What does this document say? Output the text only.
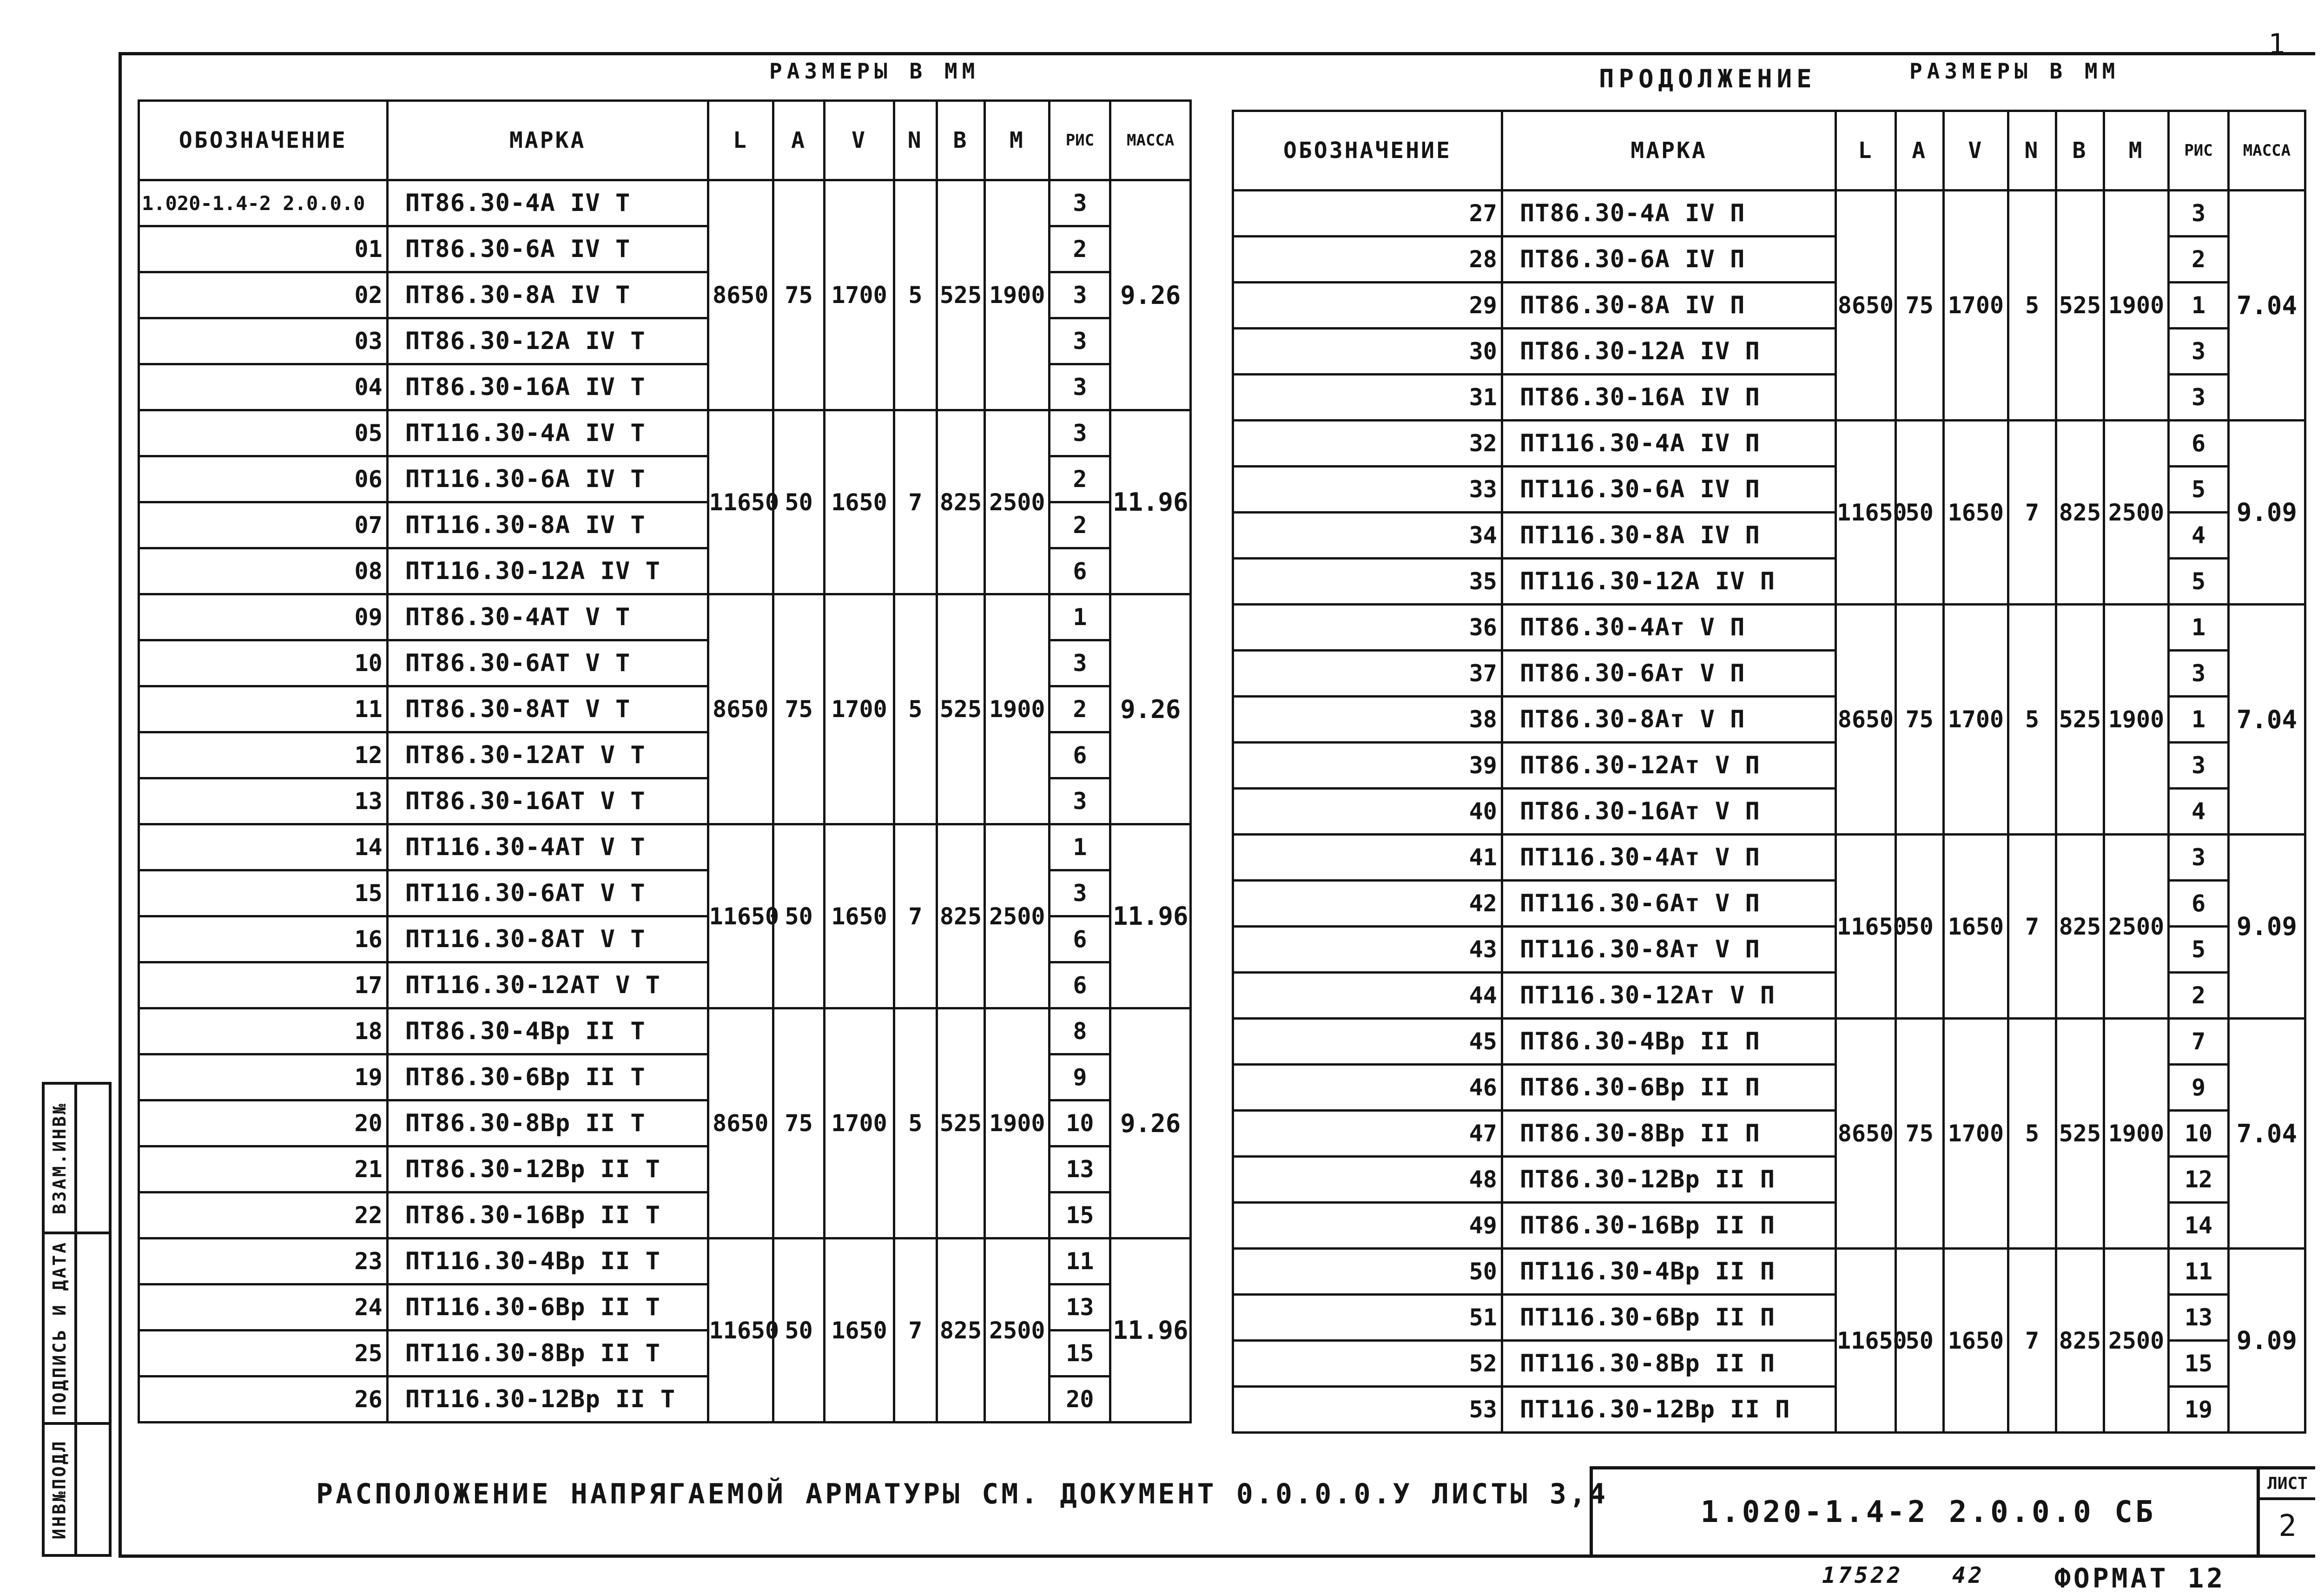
1
РАЗМЕРЫ В ММ	ПРОДОЛЖЕНИЕ	РАЗМЕРЫ В ММ
ОБОЗНАЧЕНИЕ	МАРКА	L	A	V	N	B	M	РИС	МАССА
1.020-1.4-2 2.0.0.0	ПТ86.30-4А IV Т	8650	75	1700	5	525	1900	3	9.26
01	ПТ86.30-6А IV Т							2	
02	ПТ86.30-8А IV Т							3	
03	ПТ86.30-12А IV Т							3	
04	ПТ86.30-16А IV Т							3	
05	ПТ116.30-4А IV Т	11650	50	1650	7	825	2500	3	11.96
06	ПТ116.30-6А IV Т							2	
07	ПТ116.30-8А IV Т							2	
08	ПТ116.30-12А IV Т							6	
09	ПТ86.30-4АТ V Т	8650	75	1700	5	525	1900	1	9.26
10	ПТ86.30-6АТ V Т							3	
11	ПТ86.30-8АТ V Т							2	
12	ПТ86.30-12АТ V Т							6	
13	ПТ86.30-16АТ V Т							3	
14	ПТ116.30-4АТ V Т	11650	50	1650	7	825	2500	1	11.96
15	ПТ116.30-6АТ V Т							3	
16	ПТ116.30-8АТ V Т							6	
17	ПТ116.30-12АТ V Т							6	
18	ПТ86.30-4Вр II Т	8650	75	1700	5	525	1900	8	9.26
19	ПТ86.30-6Вр II Т							9	
20	ПТ86.30-8Вр II Т							10	
21	ПТ86.30-12Вр II Т							13	
22	ПТ86.30-16Вр II Т							15	
23	ПТ116.30-4Вр II Т	11650	50	1650	7	825	2500	11	11.96
24	ПТ116.30-6Вр II Т							13	
25	ПТ116.30-8Вр II Т							15	
26	ПТ116.30-12Вр II Т							20	
ОБОЗНАЧЕНИЕ	МАРКА	L	A	V	N	B	M	РИС	МАССА
27	ПТ86.30-4А IV П	8650	75	1700	5	525	1900	3	7.04
28	ПТ86.30-6А IV П							2	
29	ПТ86.30-8А IV П							1	
30	ПТ86.30-12А IV П							3	
31	ПТ86.30-16А IV П							3	
32	ПТ116.30-4А IV П	11650	50	1650	7	825	2500	6	9.09
33	ПТ116.30-6А IV П							5	
34	ПТ116.30-8А IV П							4	
35	ПТ116.30-12А IV П							5	
36	ПТ86.30-4Ат V П	8650	75	1700	5	525	1900	1	7.04
37	ПТ86.30-6Ат V П							3	
38	ПТ86.30-8Ат V П							1	
39	ПТ86.30-12Ат V П							3	
40	ПТ86.30-16Ат V П							4	
41	ПТ116.30-4Ат V П	11650	50	1650	7	825	2500	3	9.09
42	ПТ116.30-6Ат V П							6	
43	ПТ116.30-8Ат V П							5	
44	ПТ116.30-12Ат V П							2	
45	ПТ86.30-4Вр II П	8650	75	1700	5	525	1900	7	7.04
46	ПТ86.30-6Вр II П							9	
47	ПТ86.30-8Вр II П							10	
48	ПТ86.30-12Вр II П							12	
49	ПТ86.30-16Вр II П							14	
50	ПТ116.30-4Вр II П	11650	50	1650	7	825	2500	11	9.09
51	ПТ116.30-6Вр II П							13	
52	ПТ116.30-8Вр II П							15	
53	ПТ116.30-12Вр II П							19	
ВЗАМ.ИНВ№
ПОДПИСЬ И ДАТА
ИНВ№ПОДЛ	РАСПОЛОЖЕНИЕ НАПРЯГАЕМОЙ АРМАТУРЫ СМ. ДОКУМЕНТ 0.0.0.0.У ЛИСТЫ 3,4
1.020-1.4-2 2.0.0.0 СБ
ЛИСТ
2
17522 42	ФОРМАТ 12
